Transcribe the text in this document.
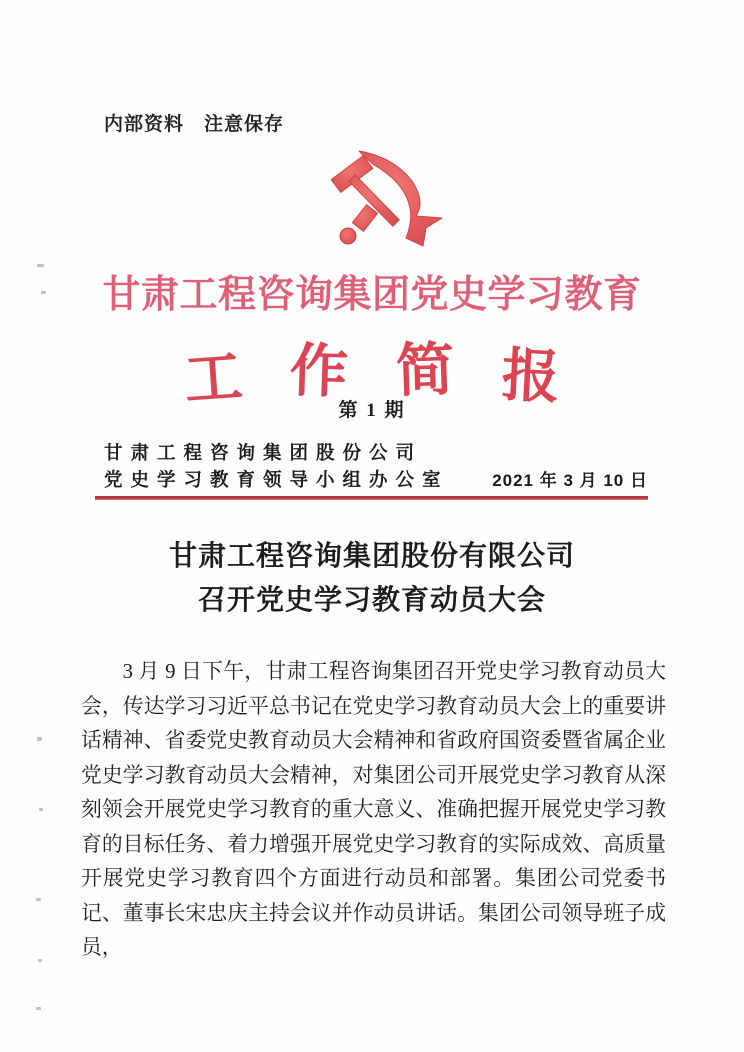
内部资料　注意保存
甘肃工程咨询集团党史学习教育
工 作 简 报
第 1 期
甘肃工程咨询集团股份公司
党史学习教育领导小组办公室	2021 年 3 月 10 日
甘肃工程咨询集团股份有限公司
召开党史学习教育动员大会
3 月 9 日下午，甘肃工程咨询集团召开党史学习教育动员大会，传达学习习近平总书记在党史学习教育动员大会上的重要讲话精神、省委党史教育动员大会精神和省政府国资委暨省属企业党史学习教育动员大会精神，对集团公司开展党史学习教育从深刻领会开展党史学习教育的重大意义、准确把握开展党史学习教育的目标任务、着力增强开展党史学习教育的实际成效、高质量开展党史学习教育四个方面进行动员和部署。集团公司党委书记、董事长宋忠庆主持会议并作动员讲话。集团公司领导班子成员，
